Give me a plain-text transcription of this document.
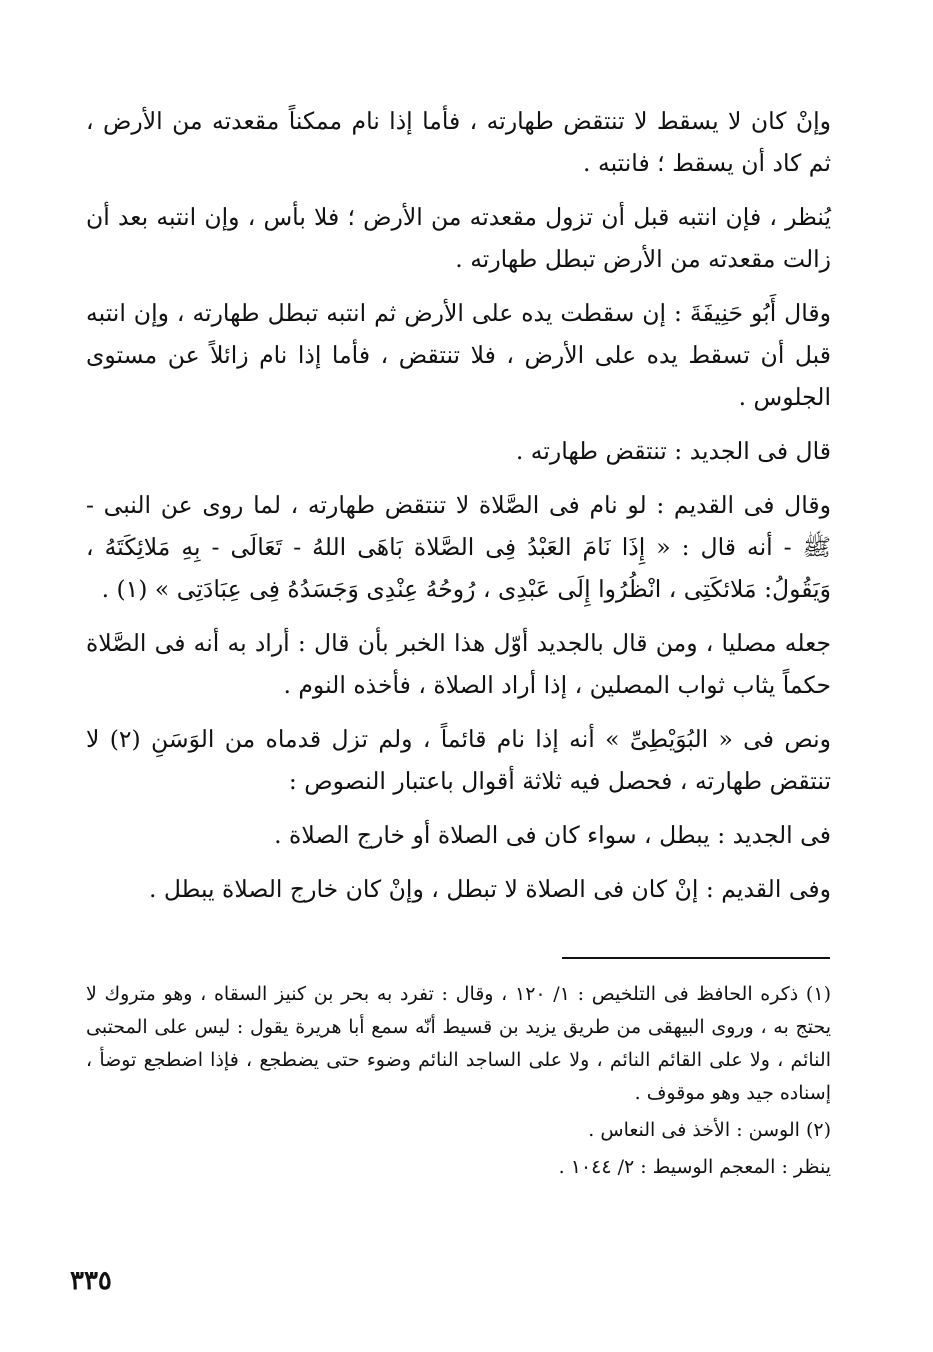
وإنْ كان لا يسقط لا تنتقض طهارته ، فأما إذا نام ممكناً مقعدته من الأرض ، ثم كاد أن يسقط ؛ فانتبه .

يُنظر ، فإن انتبه قبل أن تزول مقعدته من الأرض ؛ فلا بأس ، وإن انتبه بعد أن زالت مقعدته من الأرض تبطل طهارته .

وقال أَبُو حَنِيفَةَ : إن سقطت يده على الأرض ثم انتبه تبطل طهارته ، وإن انتبه قبل أن تسقط يده على الأرض ، فلا تنتقض ، فأما إذا نام زائلاً عن مستوى الجلوس .

قال فى الجديد : تنتقض طهارته .

وقال فى القديم : لو نام فى الصَّلاة لا تنتقض طهارته ، لما روى عن النبى - ﷺ - أنه قال : « إِذَا نَامَ العَبْدُ فِى الصَّلاة بَاهَى اللهُ - تَعَالَى - بِهِ مَلائِكَتَهُ ، وَيَقُولُ: مَلائكَتِى ، انْظُرُوا إِلَى عَبْدِى ، رُوحُهُ عِنْدِى وَجَسَدُهُ فِى عِبَادَتِى » (١) .

جعله مصليا ، ومن قال بالجديد أوّل هذا الخبر بأن قال : أراد به أنه فى الصَّلاة حكماً يثاب ثواب المصلين ، إذا أراد الصلاة ، فأخذه النوم .

ونص فى « البُوَيْطِىِّ » أنه إذا نام قائماً ، ولم تزل قدماه من الوَسَنِ (٢) لا تنتقض طهارته ، فحصل فيه ثلاثة أقوال باعتبار النصوص :

فى الجديد : يبطل ، سواء كان فى الصلاة أو خارج الصلاة .

وفى القديم : إنْ كان فى الصلاة لا تبطل ، وإنْ كان خارج الصلاة يبطل .

(١) ذكره الحافظ فى التلخيص : ١/ ١٢٠ ، وقال : تفرد به بحر بن كنيز السقاه ، وهو متروك لا يحتج به ، وروى البيهقى من طريق يزيد بن قسيط أنّه سمع أبا هريرة يقول : ليس على المحتبى النائم ، ولا على القائم النائم ، ولا على الساجد النائم وضوء حتى يضطجع ، فإذا اضطجع توضأ ، إسناده جيد وهو موقوف .

(٢) الوسن : الأخذ فى النعاس .

ينظر : المعجم الوسيط : ٢/ ١٠٤٤ .

٣٣٥
